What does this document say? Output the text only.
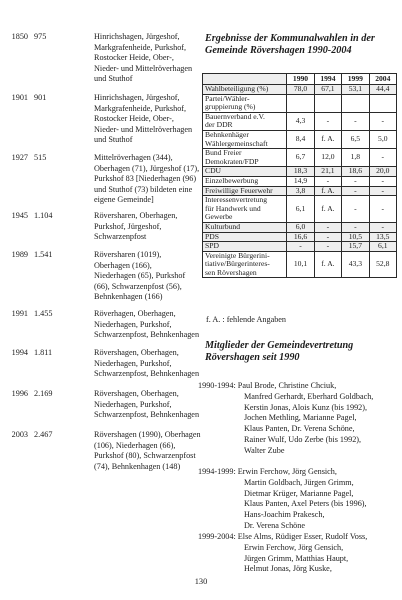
1850 975	Hinrichshagen, Jürgeshof,
Markgrafenheide, Purkshof,
Rostocker Heide, Ober-,
Nieder- und Mittelröverhagen
und Stuthof
1901 901	Hinrichshagen, Jürgeshof,
Markgrafenheide, Purkshof,
Rostocker Heide, Ober-,
Nieder- und Mittelröverhagen
und Stuthof
1927 515	Mittelröverhagen (344),
Oberhagen (71), Jürgeshof (17),
Purkshof 83 [Niederhagen (96)
und Stuthof (73) bildeten eine
eigene Gemeinde]
1945 1.104	Röversharen, Oberhagen,
Purkshof, Jürgeshof,
Schwarzenpfost
1989 1.541	Röversharen (1019),
Oberhagen (166),
Niederhagen (65), Purkshof
(66), Schwarzenpfost (56),
Behnkenhagen (166)
1991 1.455	Röverhagen, Oberhagen,
Niederhagen, Purkshof,
Schwarzenpfost, Behnkenhagen
1994 1.811	Rövershagen, Oberhagen,
Niederhagen, Purkshof,
Schwarzenpfost, Behnkenhagen
1996 2.169	Rövershagen, Oberhagen,
Niederhagen, Purkshof,
Schwarzenpfost, Behnkenhagen
2003 2.467	Rövershagen (1990), Oberhagen
(106), Niederhagen (66),
Purkshof (80), Schwarzenpfost
(74), Behnkenhagen (148)
Ergebnisse der Kommunalwahlen in der
Gemeinde Rövershagen 1990-2004
	1990	1994	1999	2004

Wahlbeteiligung (%)	78,0	67,1	53,1	44,4

Partei/Wähler-
gruppierung (%)				

Bauernverband e.V.
der DDR	4,3	-	-	-

Behnkenhäger
Wählergemeinschaft	8,4	f. A.	6,5	5,0

Bund Freier
Demokraten/FDP	6,7	12,0	1,8	-

CDU	18,3	21,1	18,6	20,0

Einzelbewerbung	14,9	-	-	-

Freiwillige Feuerwehr	3,8	f. A.	-	-

Interessenvertretung
für Handwerk und
Gewerbe	6,1	f. A.	-	-

Kulturbund	6,0	-	-	-

PDS	16,6	-	10,5	13,5

SPD	-	-	15,7	6,1

Vereinigte Bürgerini-
tiative/Bürgerinteres-
sen Rövershagen	10,1	f. A.	43,3	52,8
f. A. : fehlende Angaben
Mitglieder der Gemeindevertretung
Rövershagen seit 1990
1990-1994: Paul Brode, Christine Chciuk,
Manfred Gerhardt, Eberhard Goldbach,
Kerstin Jonas, Alois Kunz (bis 1992),
Jochen Methling, Marianne Pagel,
Klaus Panten, Dr. Verena Schöne,
Rainer Wulf, Udo Zerbe (bis 1992),
Walter Zube
1994-1999: Erwin Ferchow, Jörg Gensich,
Martin Goldbach, Jürgen Grimm,
Dietmar Krüger, Marianne Pagel,
Klaus Panten, Axel Peters (bis 1996),
Hans-Joachim Prakesch,
Dr. Verena Schöne
1999-2004: Else Alms, Rüdiger Esser, Rudolf Voss,
Erwin Ferchow, Jörg Gensich,
Jürgen Grimm, Matthias Haupt,
Helmut Jonas, Jörg Kuske,
130
